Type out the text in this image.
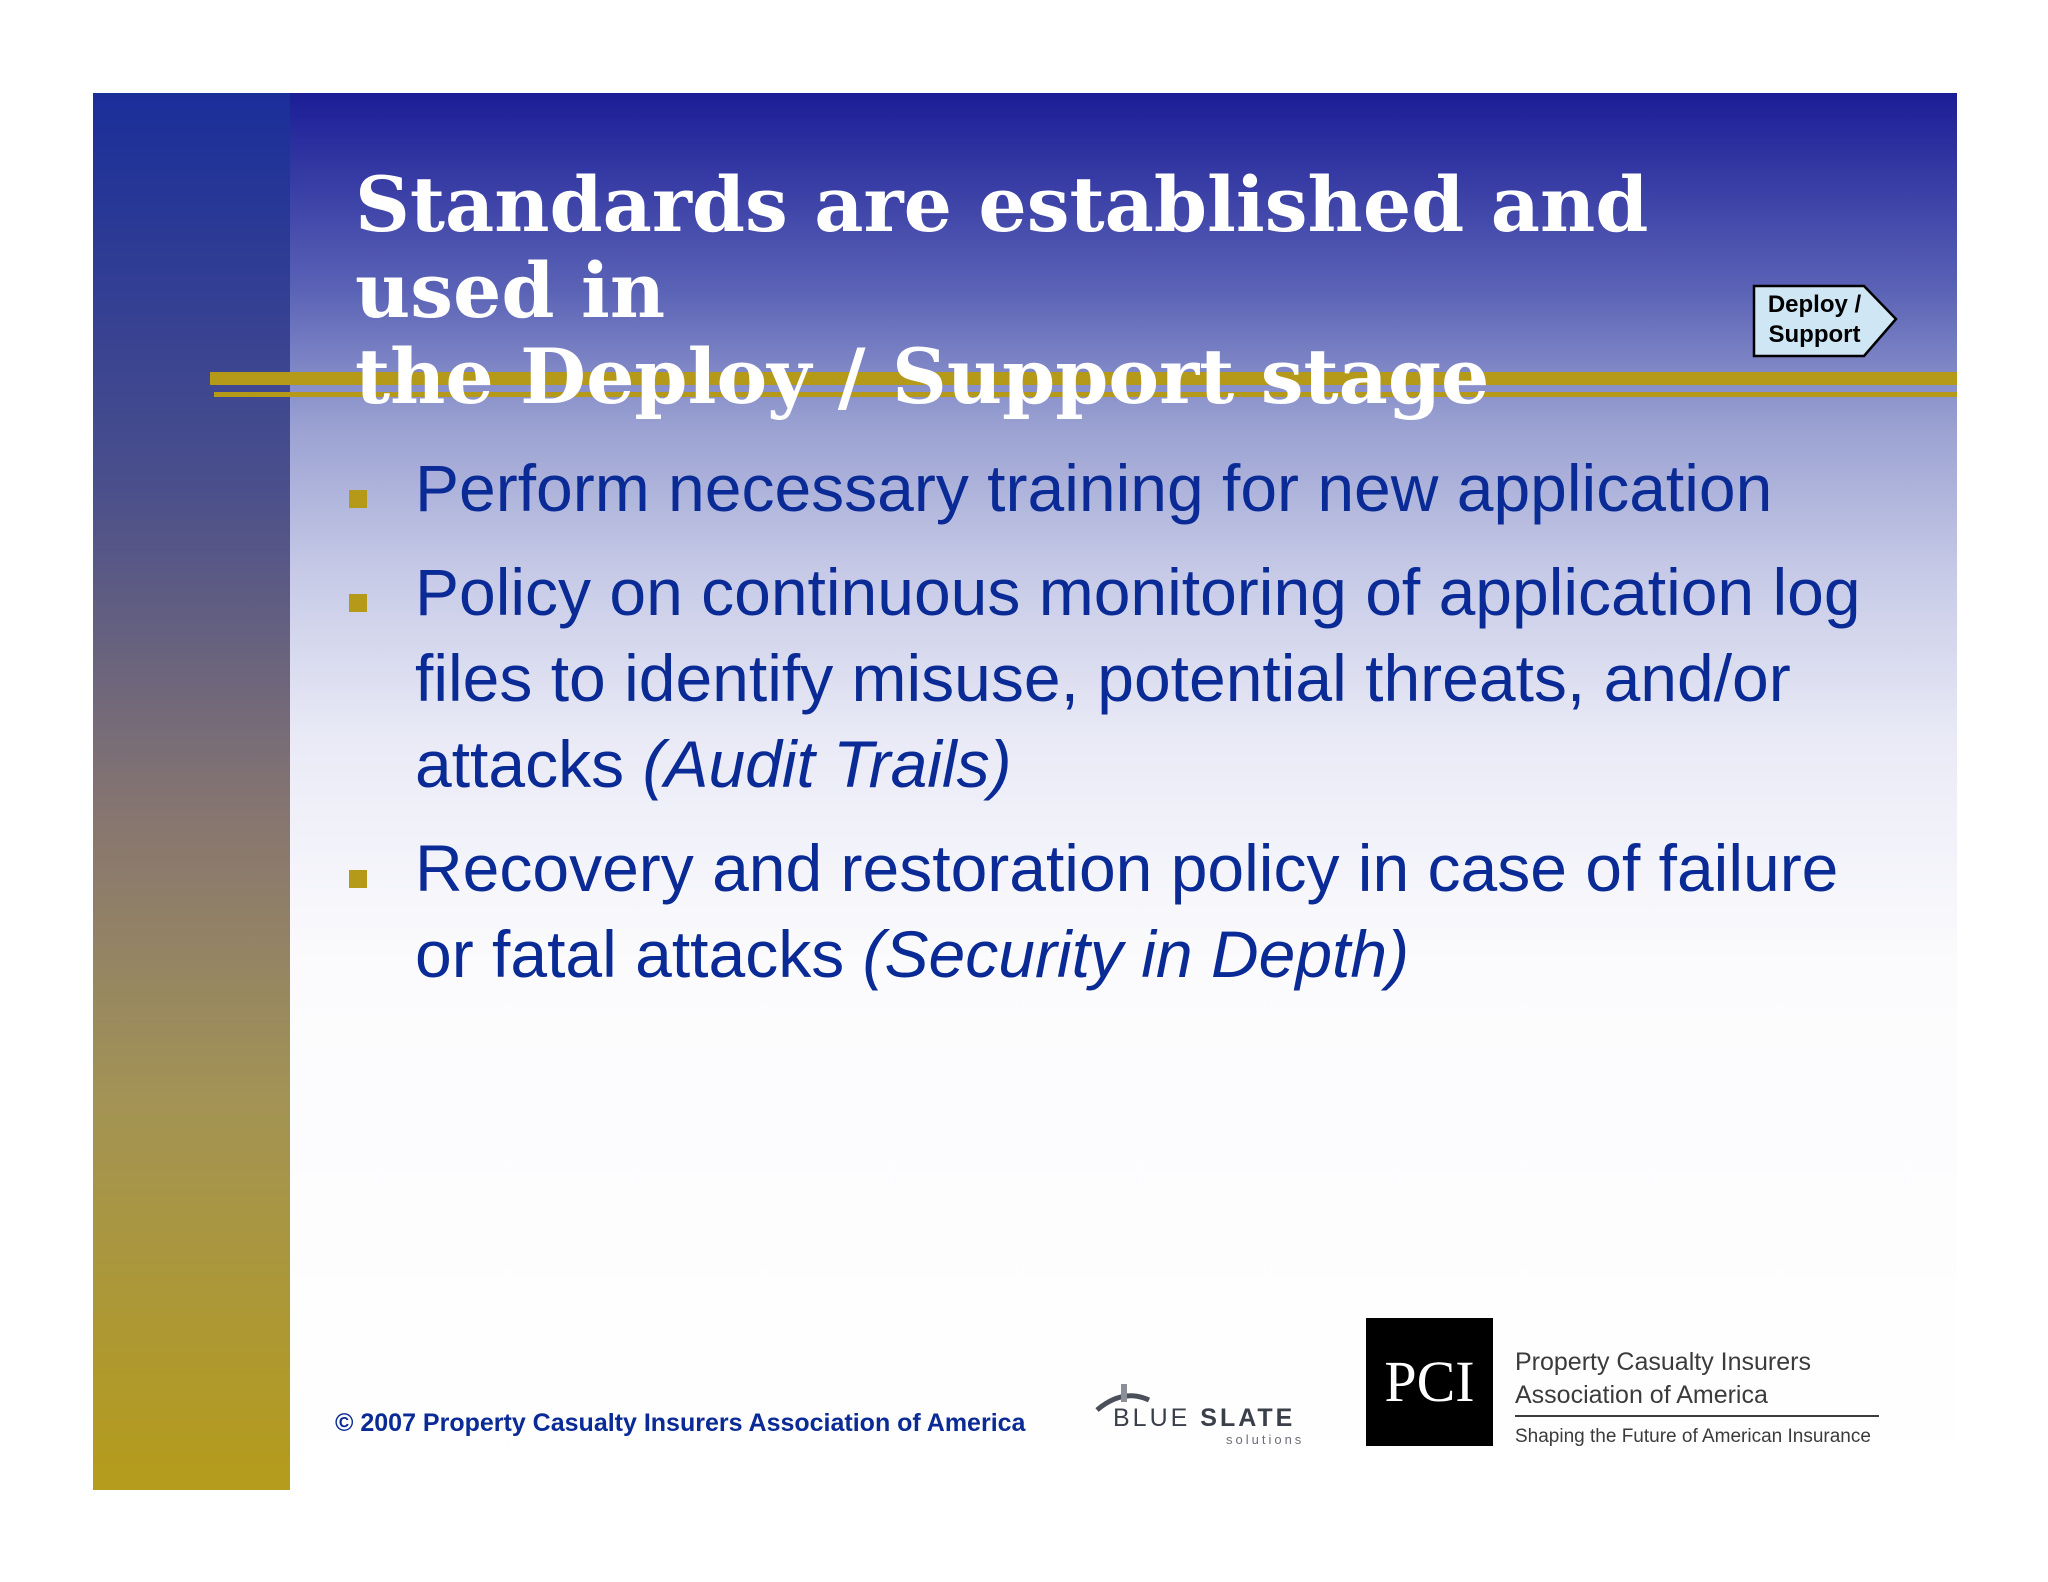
Standards are established and used in
the Deploy / Support stage
Deploy /
Support
Perform necessary training for new application
Policy on continuous monitoring of application log files to identify misuse, potential threats, and/or attacks (Audit Trails)
Recovery and restoration policy in case of failure or fatal attacks (Security in Depth)

© 2007 Property Casualty Insurers Association of America	BLUE SLATE
solutions
PCI	Property Casualty Insurers
Association of America

Shaping the Future of American Insurance
